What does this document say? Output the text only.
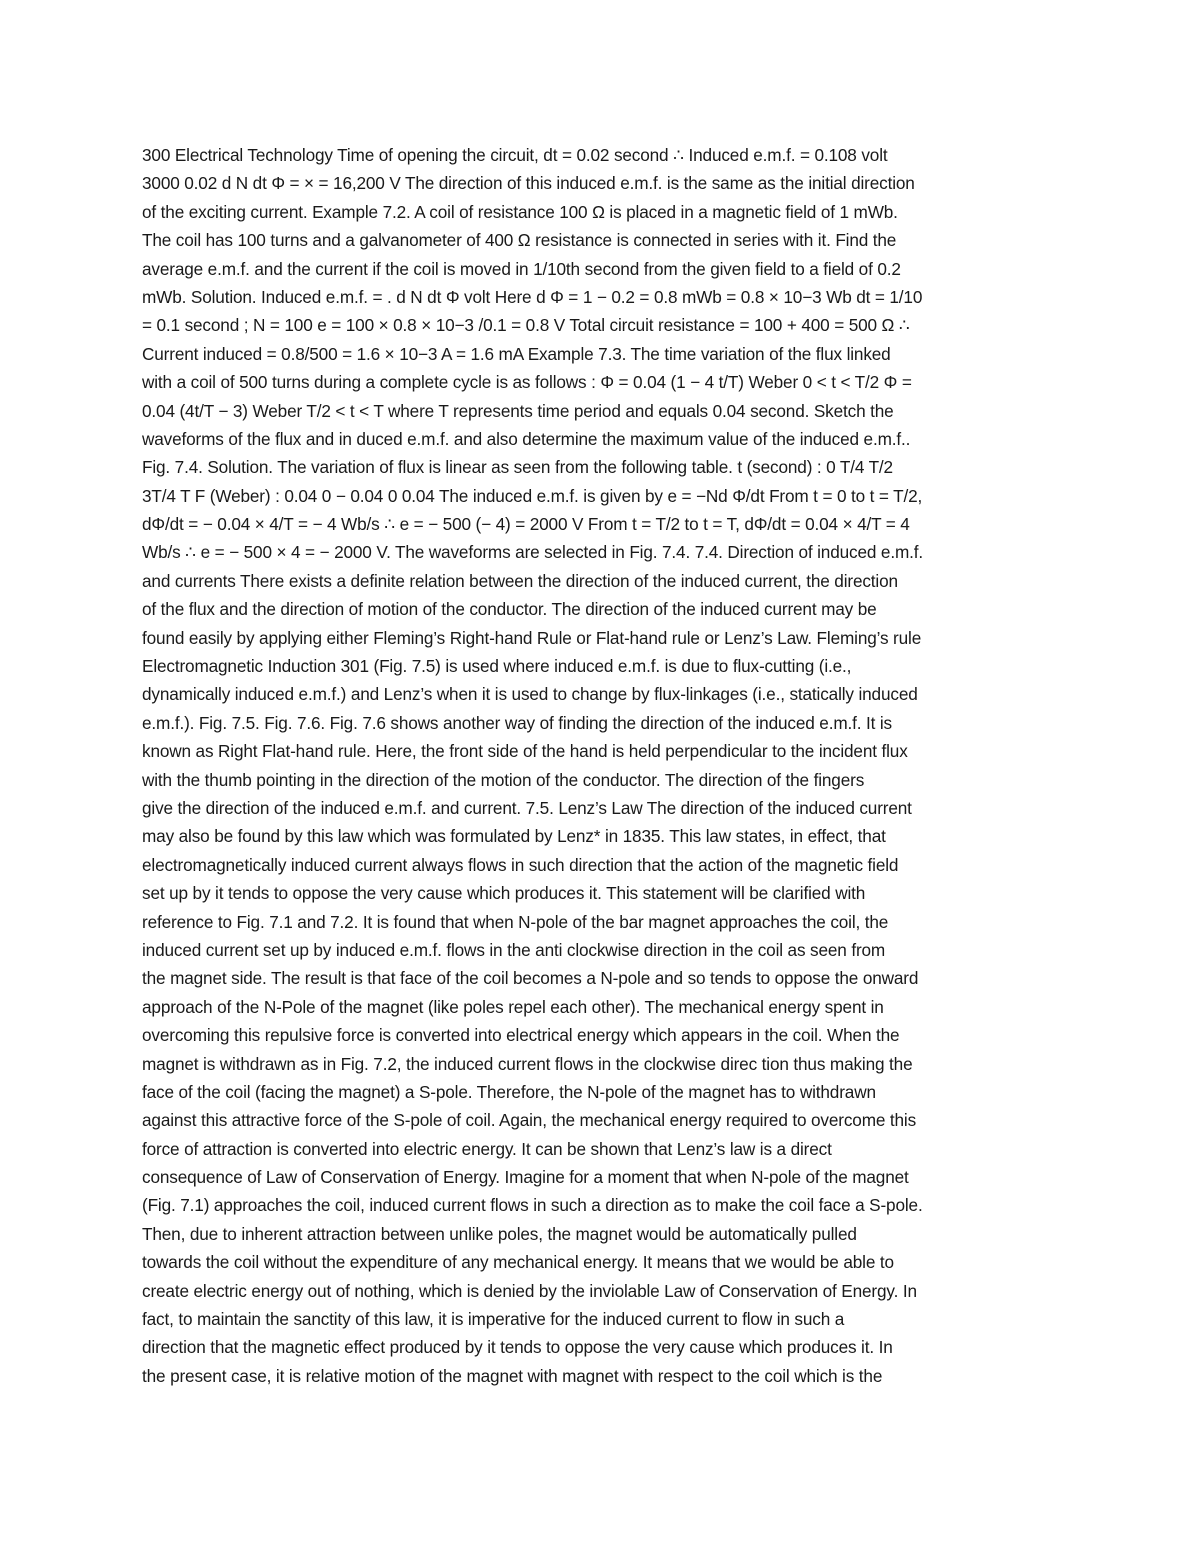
300 Electrical Technology Time of opening the circuit, dt = 0.02 second ∴ Induced e.m.f. = 0.108 volt
3000 0.02 d N dt Φ = × = 16,200 V The direction of this induced e.m.f. is the same as the initial direction
of the exciting current. Example 7.2. A coil of resistance 100 Ω is placed in a magnetic field of 1 mWb.
The coil has 100 turns and a galvanometer of 400 Ω resistance is connected in series with it. Find the
average e.m.f. and the current if the coil is moved in 1/10th second from the given field to a field of 0.2
mWb. Solution. Induced e.m.f. = . d N dt Φ volt Here d Φ = 1 − 0.2 = 0.8 mWb = 0.8 × 10−3 Wb dt = 1/10
= 0.1 second ; N = 100 e = 100 × 0.8 × 10−3 /0.1 = 0.8 V Total circuit resistance = 100 + 400 = 500 Ω ∴
Current induced = 0.8/500 = 1.6 × 10−3 A = 1.6 mA Example 7.3. The time variation of the flux linked
with a coil of 500 turns during a complete cycle is as follows : Φ = 0.04 (1 − 4 t/T) Weber 0 < t < T/2 Φ =
0.04 (4t/T − 3) Weber T/2 < t < T where T represents time period and equals 0.04 second. Sketch the
waveforms of the flux and in duced e.m.f. and also determine the maximum value of the induced e.m.f..
Fig. 7.4. Solution. The variation of flux is linear as seen from the following table. t (second) : 0 T/4 T/2
3T/4 T F (Weber) : 0.04 0 − 0.04 0 0.04 The induced e.m.f. is given by e = −Nd Φ/dt From t = 0 to t = T/2,
dΦ/dt = − 0.04 × 4/T = − 4 Wb/s ∴ e = − 500 (− 4) = 2000 V From t = T/2 to t = T, dΦ/dt = 0.04 × 4/T = 4
Wb/s ∴ e = − 500 × 4 = − 2000 V. The waveforms are selected in Fig. 7.4. 7.4. Direction of induced e.m.f.
and currents There exists a definite relation between the direction of the induced current, the direction
of the flux and the direction of motion of the conductor. The direction of the induced current may be
found easily by applying either Fleming’s Right-hand Rule or Flat-hand rule or Lenz’s Law. Fleming’s rule
Electromagnetic Induction 301 (Fig. 7.5) is used where induced e.m.f. is due to flux-cutting (i.e.,
dynamically induced e.m.f.) and Lenz’s when it is used to change by flux-linkages (i.e., statically induced
e.m.f.). Fig. 7.5. Fig. 7.6. Fig. 7.6 shows another way of finding the direction of the induced e.m.f. It is
known as Right Flat-hand rule. Here, the front side of the hand is held perpendicular to the incident flux
with the thumb pointing in the direction of the motion of the conductor. The direction of the fingers
give the direction of the induced e.m.f. and current. 7.5. Lenz’s Law The direction of the induced current
may also be found by this law which was formulated by Lenz* in 1835. This law states, in effect, that
electromagnetically induced current always flows in such direction that the action of the magnetic field
set up by it tends to oppose the very cause which produces it. This statement will be clarified with
reference to Fig. 7.1 and 7.2. It is found that when N-pole of the bar magnet approaches the coil, the
induced current set up by induced e.m.f. flows in the anti clockwise direction in the coil as seen from
the magnet side. The result is that face of the coil becomes a N-pole and so tends to oppose the onward
approach of the N-Pole of the magnet (like poles repel each other). The mechanical energy spent in
overcoming this repulsive force is converted into electrical energy which appears in the coil. When the
magnet is withdrawn as in Fig. 7.2, the induced current flows in the clockwise direc tion thus making the
face of the coil (facing the magnet) a S-pole. Therefore, the N-pole of the magnet has to withdrawn
against this attractive force of the S-pole of coil. Again, the mechanical energy required to overcome this
force of attraction is converted into electric energy. It can be shown that Lenz’s law is a direct
consequence of Law of Conservation of Energy. Imagine for a moment that when N-pole of the magnet
(Fig. 7.1) approaches the coil, induced current flows in such a direction as to make the coil face a S-pole.
Then, due to inherent attraction between unlike poles, the magnet would be automatically pulled
towards the coil without the expenditure of any mechanical energy. It means that we would be able to
create electric energy out of nothing, which is denied by the inviolable Law of Conservation of Energy. In
fact, to maintain the sanctity of this law, it is imperative for the induced current to flow in such a
direction that the magnetic effect produced by it tends to oppose the very cause which produces it. In
the present case, it is relative motion of the magnet with magnet with respect to the coil which is the
